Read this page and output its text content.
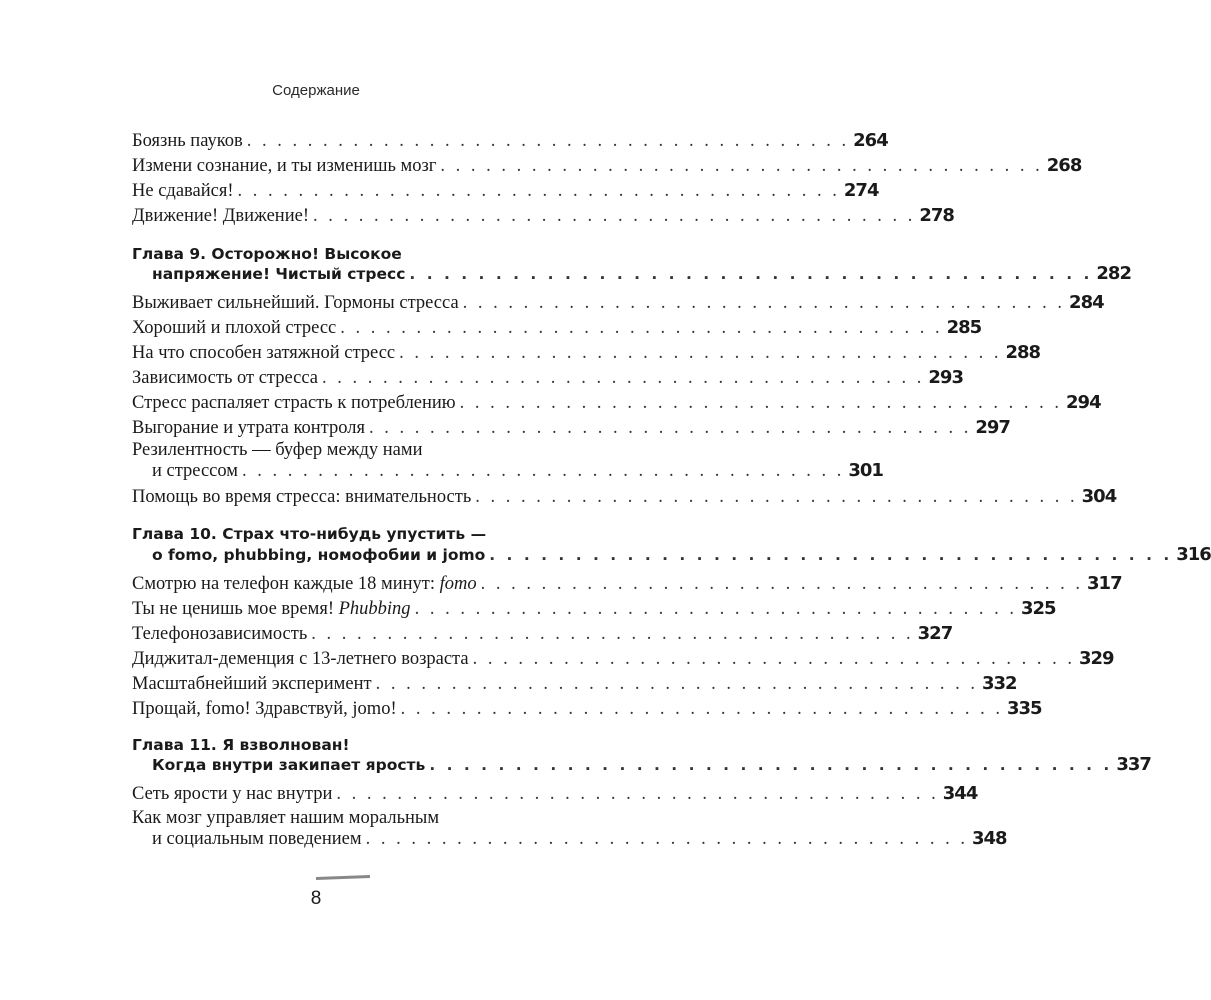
Содержание
Боязнь пауков . . . . . . . . . . . . . . . . . . . . . . . . . . . . . . . . . . . . . . . . 264
Измени сознание, и ты изменишь мозг . . . . . . . . . . . . . . . . . . . . . . . . . . . . . . . . . . . . . . . . 268
Не сдавайся! . . . . . . . . . . . . . . . . . . . . . . . . . . . . . . . . . . . . . . . . 274
Движение! Движение! . . . . . . . . . . . . . . . . . . . . . . . . . . . . . . . . . . . . . . . . 278
Глава 9. Осторожно! Высокое
напряжение! Чистый стресс . . . . . . . . . . . . . . . . . . . . . . . . . . . . . . . . . . . . . . . . 282
Выживает сильнейший. Гормоны стресса . . . . . . . . . . . . . . . . . . . . . . . . . . . . . . . . . . . . . . . . 284
Хороший и плохой стресс . . . . . . . . . . . . . . . . . . . . . . . . . . . . . . . . . . . . . . . . 285
На что способен затяжной стресс . . . . . . . . . . . . . . . . . . . . . . . . . . . . . . . . . . . . . . . . 288
Зависимость от стресса . . . . . . . . . . . . . . . . . . . . . . . . . . . . . . . . . . . . . . . . 293
Стресс распаляет страсть к потреблению . . . . . . . . . . . . . . . . . . . . . . . . . . . . . . . . . . . . . . . . 294
Выгорание и утрата контроля . . . . . . . . . . . . . . . . . . . . . . . . . . . . . . . . . . . . . . . . 297
Резилентность — буфер между нами
и стрессом . . . . . . . . . . . . . . . . . . . . . . . . . . . . . . . . . . . . . . . . 301
Помощь во время стресса: внимательность . . . . . . . . . . . . . . . . . . . . . . . . . . . . . . . . . . . . . . . . 304
Глава 10. Страх что-нибудь упустить —
о fomo, phubbing, номофобии и jomo . . . . . . . . . . . . . . . . . . . . . . . . . . . . . . . . . . . . . . . . 316
Смотрю на телефон каждые 18 минут: fomo . . . . . . . . . . . . . . . . . . . . . . . . . . . . . . . . . . . . . . . . 317
Ты не ценишь мое время! Phubbing . . . . . . . . . . . . . . . . . . . . . . . . . . . . . . . . . . . . . . . . 325
Телефонозависимость . . . . . . . . . . . . . . . . . . . . . . . . . . . . . . . . . . . . . . . . 327
Диджитал-деменция с 13-летнего возраста . . . . . . . . . . . . . . . . . . . . . . . . . . . . . . . . . . . . . . . . 329
Масштабнейший эксперимент . . . . . . . . . . . . . . . . . . . . . . . . . . . . . . . . . . . . . . . . 332
Прощай, fomo! Здравствуй, jomo! . . . . . . . . . . . . . . . . . . . . . . . . . . . . . . . . . . . . . . . . 335
Глава 11. Я взволнован!
Когда внутри закипает ярость . . . . . . . . . . . . . . . . . . . . . . . . . . . . . . . . . . . . . . . . 337
Сеть ярости у нас внутри . . . . . . . . . . . . . . . . . . . . . . . . . . . . . . . . . . . . . . . . 344
Как мозг управляет нашим моральным
и социальным поведением . . . . . . . . . . . . . . . . . . . . . . . . . . . . . . . . . . . . . . . . 348
8
